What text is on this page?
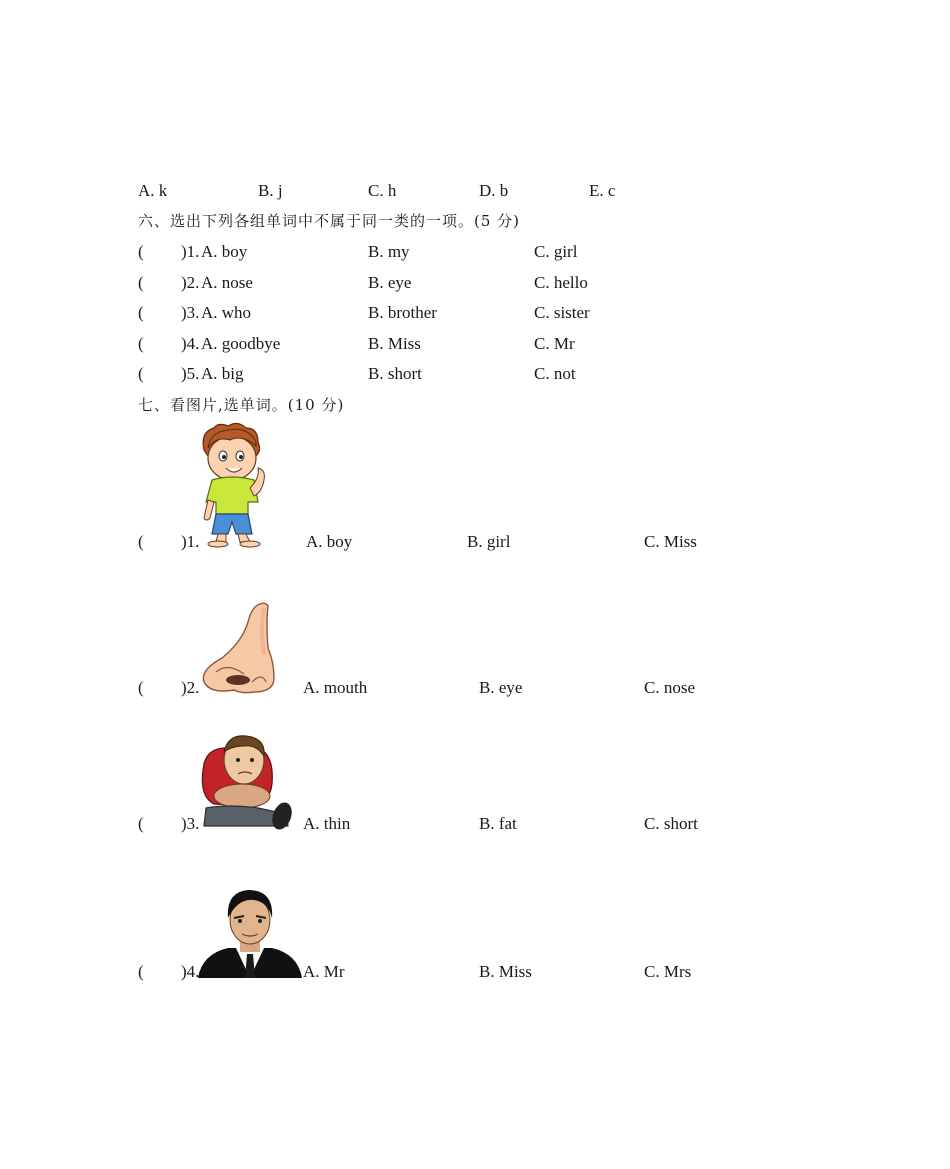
A. k	B. j	C. h	D. b	E. c
六、选出下列各组单词中不属于同一类的一项。(5 分)
( )1. A. boy	B. my	C. girl
( )2. A. nose	B. eye	C. hello
( )3. A. who	B. brother	C. sister
( )4. A. goodbye	B. Miss	C. Mr
( )5. A. big	B. short	C. not
七、看图片,选单词。(10 分)
( )1.	A. boy	B. girl	C. Miss
( )2.	A. mouth	B. eye	C. nose
( )3.	A. thin	B. fat	C. short
( )4.	A. Mr	B. Miss	C. Mrs
